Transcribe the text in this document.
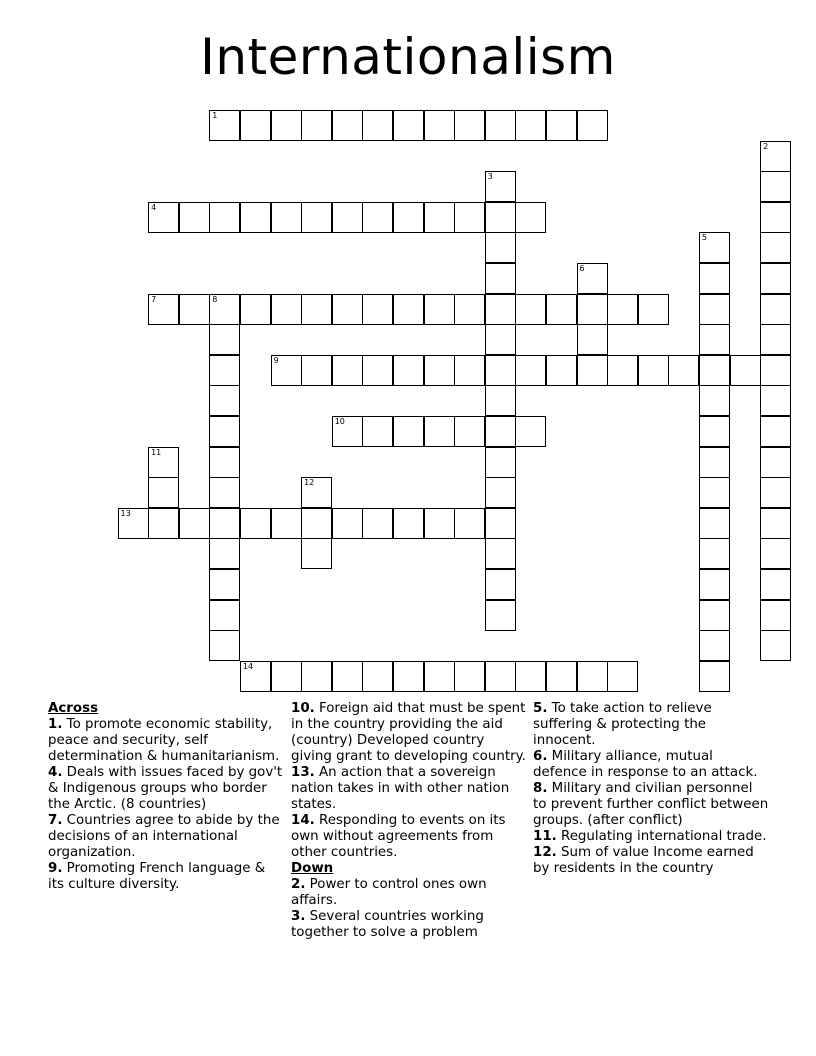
Internationalism
1
2
3
4
5
6
7	8
9
10
11
12
13
14

Across

1. To promote economic stability, peace and security, self determination & humanitarianism.

4. Deals with issues faced by gov't & Indigenous groups who border the Arctic. (8 countries)

7. Countries agree to abide by the decisions of an international organization.

9. Promoting French language & its culture diversity.

10. Foreign aid that must be spent in the country providing the aid (country) Developed country giving grant to developing country.

13. An action that a sovereign nation takes in with other nation states.

14. Responding to events on its own without agreements from other countries.

Down

2. Power to control ones own affairs.

3. Several countries working together to solve a problem

5. To take action to relieve suffering & protecting the innocent.

6. Military alliance, mutual defence in response to an attack.

8. Military and civilian personnel to prevent further conflict between groups. (after conflict)

11. Regulating international trade.

12. Sum of value Income earned by residents in the country
